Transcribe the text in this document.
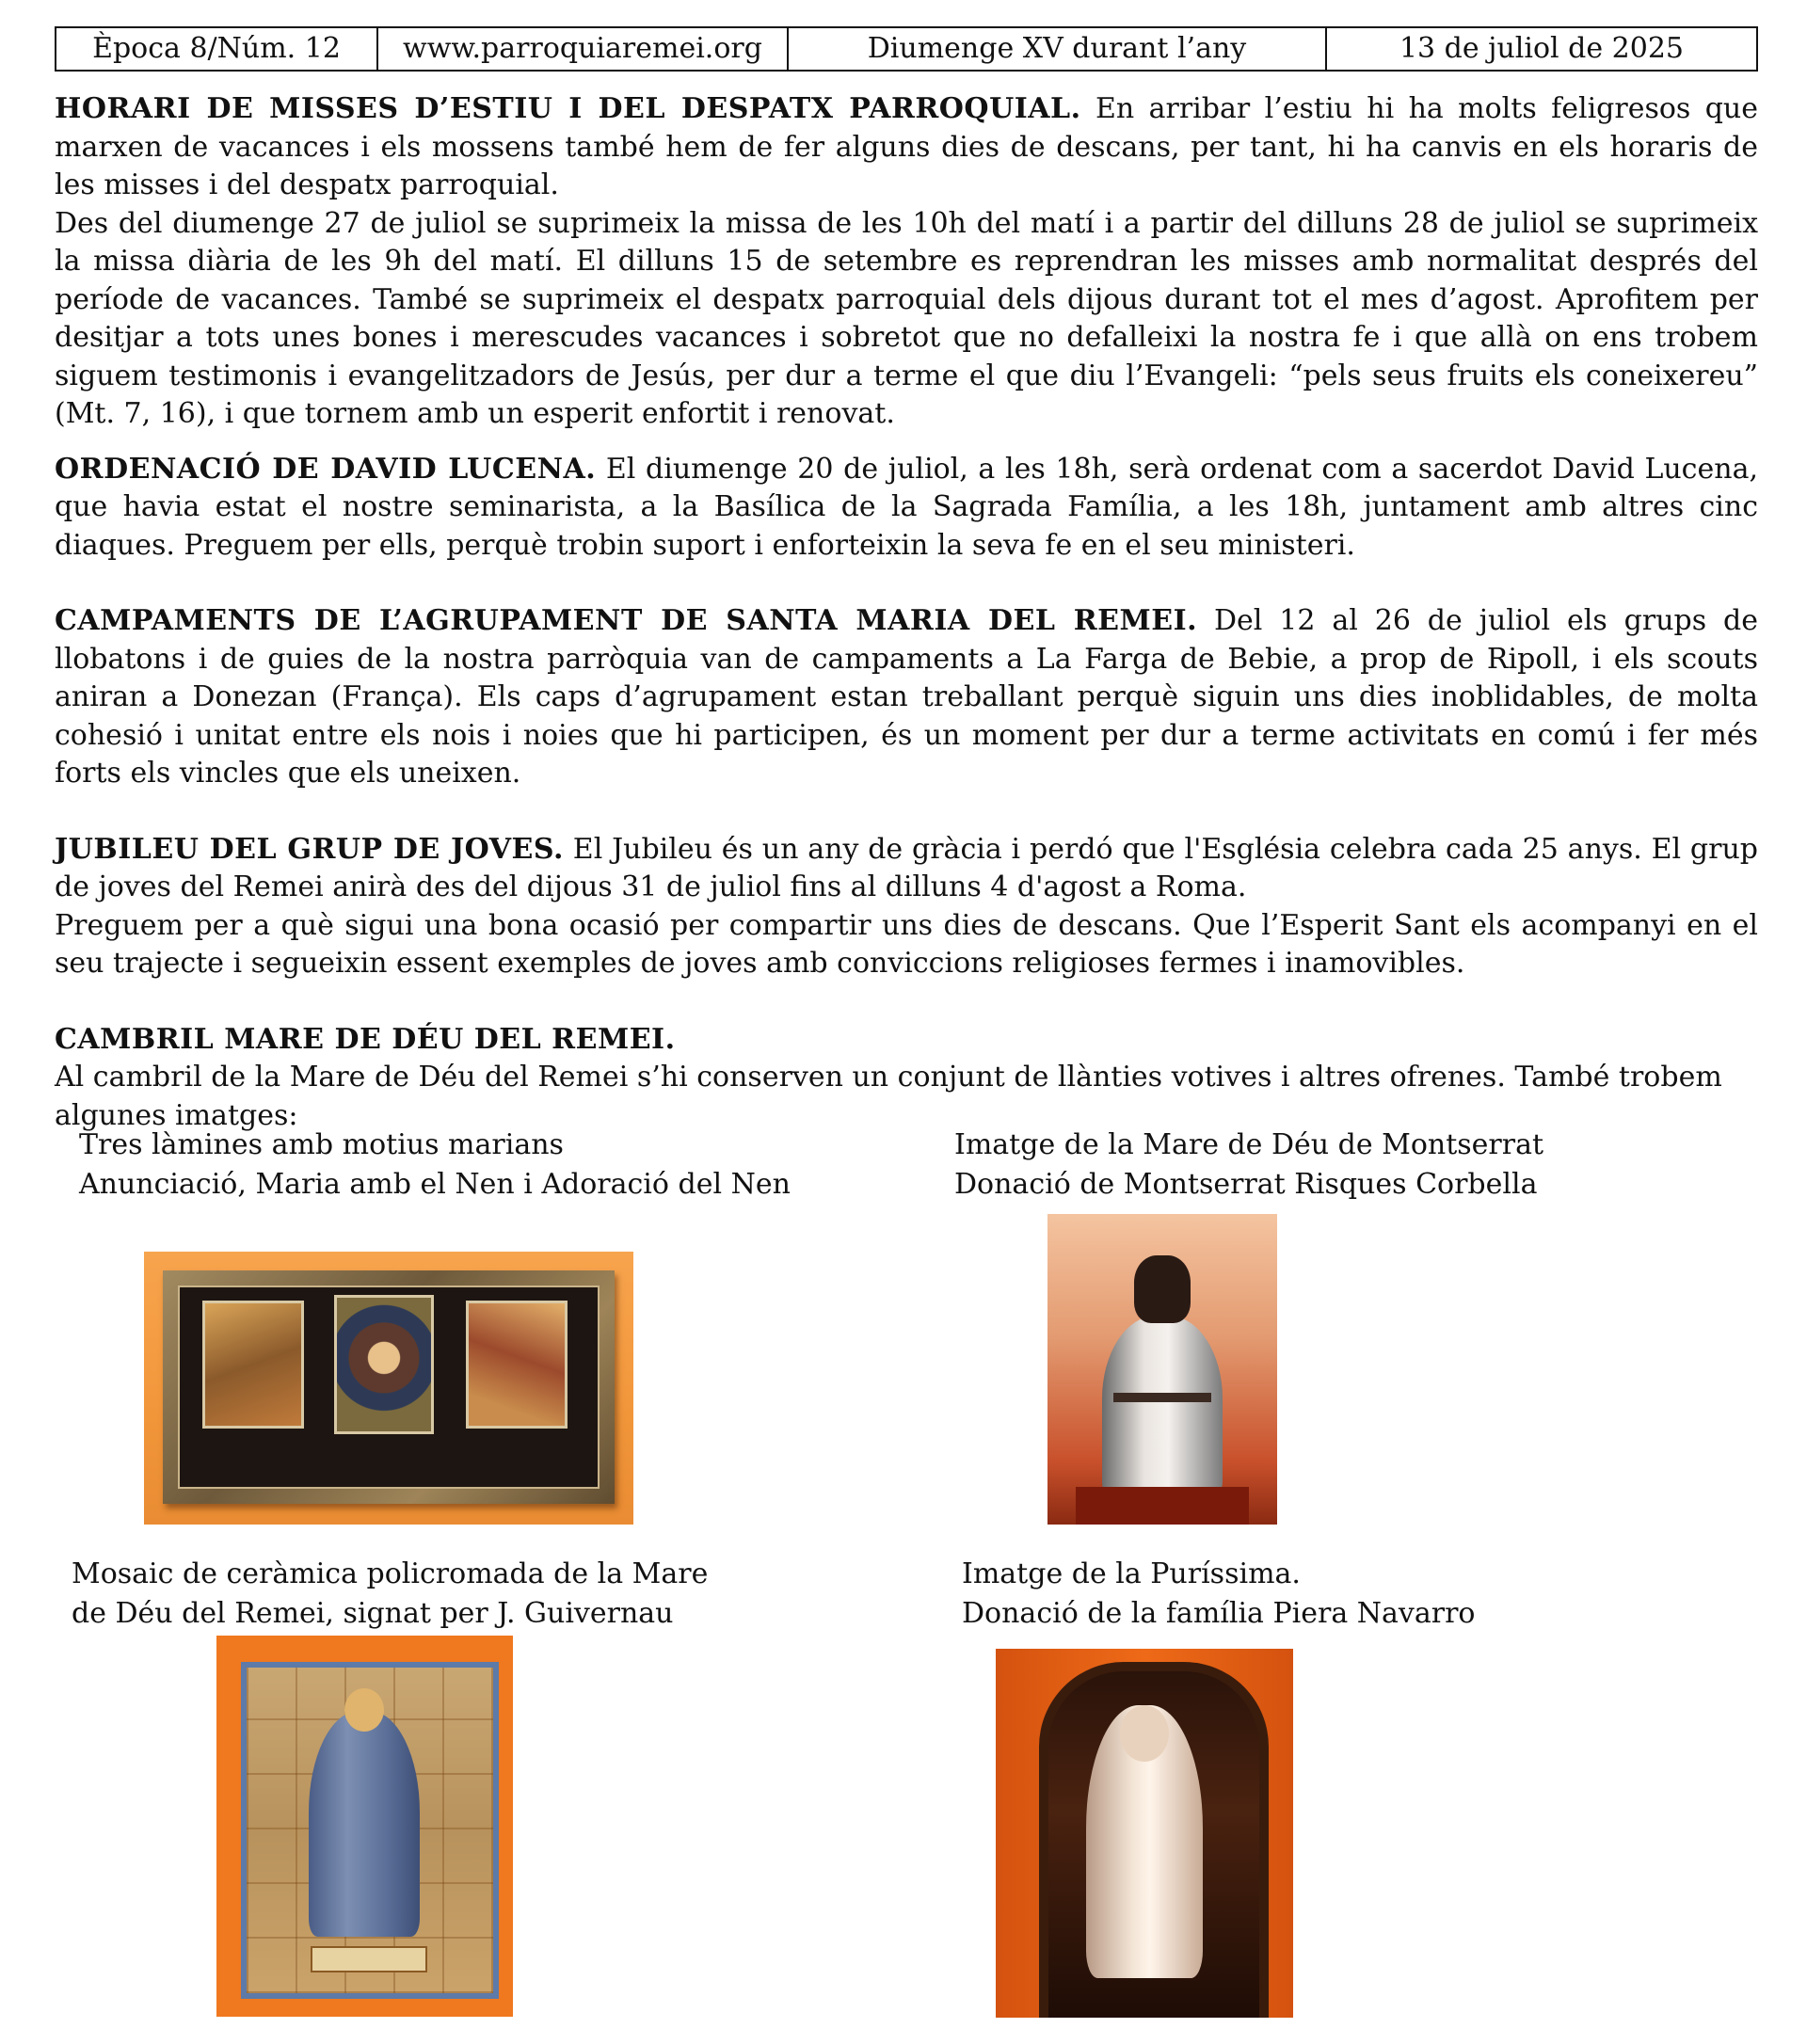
Època 8/Núm. 12	www.parroquiaremei.org	Diumenge XV durant l’any	13 de juliol de 2025

HORARI DE MISSES D’ESTIU I DEL DESPATX PARROQUIAL. En arribar l’estiu hi ha molts feligresos que marxen de vacances i els mossens també hem de fer alguns dies de descans, per tant, hi ha canvis en els horaris de les misses i del despatx parroquial.

Des del diumenge 27 de juliol se suprimeix la missa de les 10h del matí i a partir del dilluns 28 de juliol se suprimeix la missa diària de les 9h del matí. El dilluns 15 de setembre es reprendran les misses amb normalitat després del període de vacances. També se suprimeix el despatx parroquial dels dijous durant tot el mes d’agost. Aprofitem per desitjar a tots unes bones i merescudes vacances i sobretot que no defalleixi la nostra fe i que allà on ens trobem siguem testimonis i evangelitzadors de Jesús, per dur a terme el que diu l’Evangeli: “pels seus fruits els coneixereu” (Mt. 7, 16), i que tornem amb un esperit enfortit i renovat.

ORDENACIÓ DE DAVID LUCENA. El diumenge 20 de juliol, a les 18h, serà ordenat com a sacerdot David Lucena, que havia estat el nostre seminarista, a la Basílica de la Sagrada Família, a les 18h, juntament amb altres cinc diaques. Preguem per ells, perquè trobin suport i enforteixin la seva fe en el seu ministeri.

CAMPAMENTS DE L’AGRUPAMENT DE SANTA MARIA DEL REMEI. Del 12 al 26 de juliol els grups de llobatons i de guies de la nostra parròquia van de campaments a La Farga de Bebie, a prop de Ripoll, i els scouts aniran a Donezan (França). Els caps d’agrupament estan treballant perquè siguin uns dies inoblidables, de molta cohesió i unitat entre els nois i noies que hi participen, és un moment per dur a terme activitats en comú i fer més forts els vincles que els uneixen.

JUBILEU DEL GRUP DE JOVES. El Jubileu és un any de gràcia i perdó que l'Església celebra cada 25 anys. El grup de joves del Remei anirà des del dijous 31 de juliol fins al dilluns 4 d'agost a Roma.

Preguem per a què sigui una bona ocasió per compartir uns dies de descans. Que l’Esperit Sant els acompanyi en el seu trajecte i segueixin essent exemples de joves amb conviccions religioses fermes i inamovibles.

CAMBRIL MARE DE DÉU DEL REMEI.

Al cambril de la Mare de Déu del Remei s’hi conserven un conjunt de llànties votives i altres ofrenes. També trobem algunes imatges:

Tres làmines amb motius marians
Anunciació, Maria amb el Nen i Adoració del Nen
Imatge de la Mare de Déu de Montserrat
Donació de Montserrat Risques Corbella
Mosaic de ceràmica policromada de la Mare
de Déu del Remei, signat per J. Guivernau
Imatge de la Puríssima.
Donació de la família Piera Navarro
